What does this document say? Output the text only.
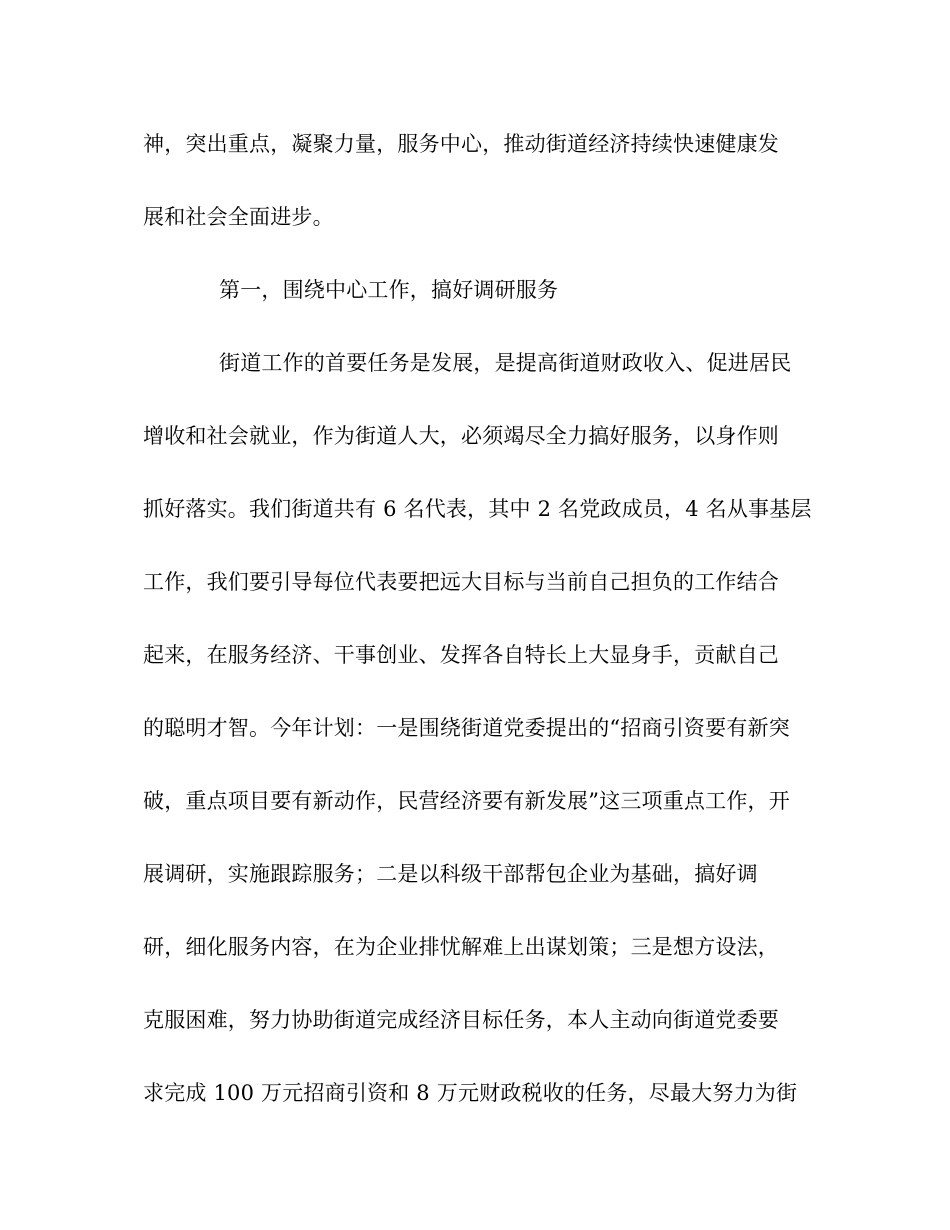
神，突出重点，凝聚力量，服务中心，推动街道经济持续快速健康发
展和社会全面进步。
第一，围绕中心工作，搞好调研服务
街道工作的首要任务是发展，是提高街道财政收入、促进居民
增收和社会就业，作为街道人大，必须竭尽全力搞好服务，以身作则
抓好落实。我们街道共有 6 名代表，其中 2 名党政成员，4 名从事基层
工作，我们要引导每位代表要把远大目标与当前自己担负的工作结合
起来，在服务经济、干事创业、发挥各自特长上大显身手，贡献自己
的聪明才智。今年计划：一是围绕街道党委提出的“招商引资要有新突
破，重点项目要有新动作，民营经济要有新发展”这三项重点工作，开
展调研，实施跟踪服务；二是以科级干部帮包企业为基础，搞好调
研，细化服务内容，在为企业排忧解难上出谋划策；三是想方设法，
克服困难，努力协助街道完成经济目标任务，本人主动向街道党委要
求完成 100 万元招商引资和 8 万元财政税收的任务，尽最大努力为街
